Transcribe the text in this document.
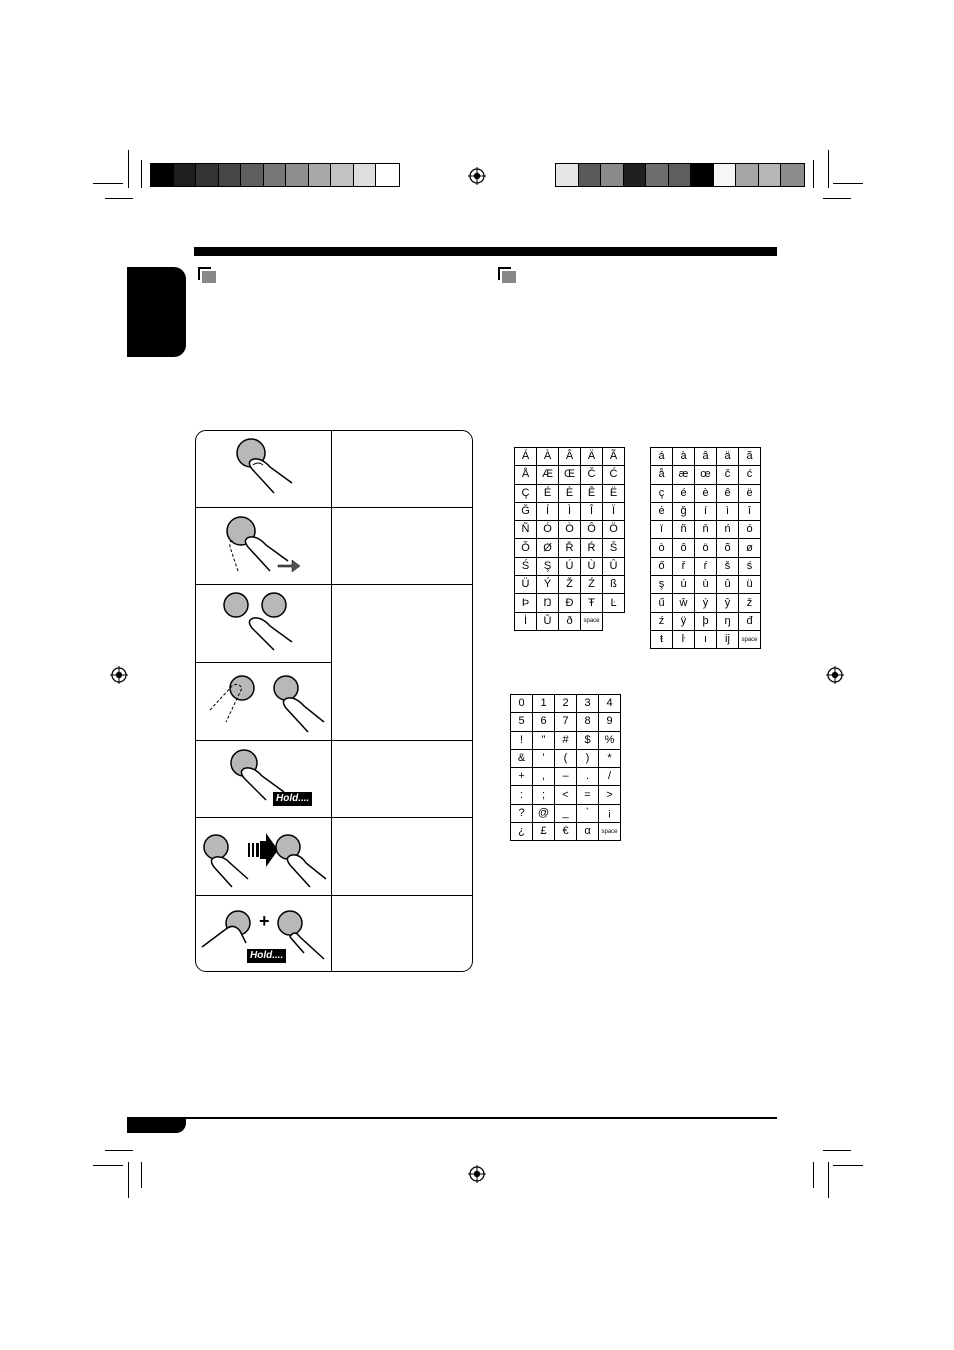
Hold....
+
Hold....
Á	À	Â	Ä	Ã
Å	Æ	Œ	Č	Ć
Ç	É	È	Ê	Ë
Ğ	Í	Ì	Î	Ï
Ñ	Ó	Ò	Ô	Ö
Õ	Ø	Ř	Ŕ	Š
Ś	Ş	Ú	Ù	Û
Ü	Ý	Ž	Ź	ß
Þ	Ŋ	Đ	Ŧ	Ŀ
İ	Ŭ	ð	space	
á	à	â	ä	ã
å	æ	œ	č	ć
ç	é	è	ê	ë
ė	ğ	í	ì	î
ï	ñ	ň	ń	ó
ò	ô	ö	õ	ø
ő	ř	ŕ	š	ś
ş	ú	ù	û	ü
ű	ŵ	ý	ŷ	ž
ź	ÿ	þ	ŋ	đ
ŧ	ŀ	ı	ij	space
0	1	2	3	4
5	6	7	8	9
!	"	#	$	%
&	'	(	)	*
+	,	–	.	/
:	;	<	=	>
?	@	_	`	¡
¿	£	€	α	space
